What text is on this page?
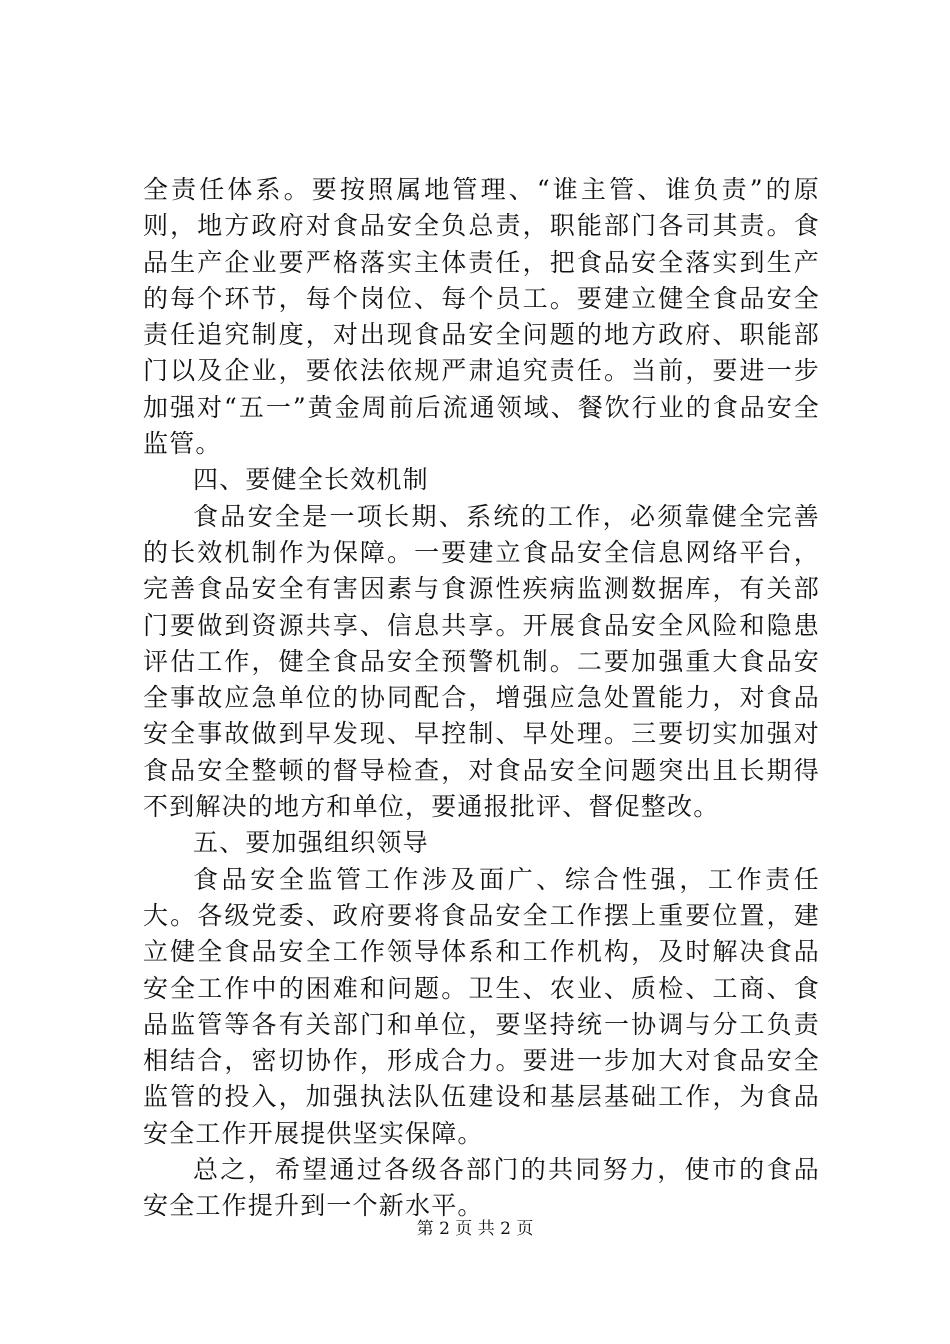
全责任体系。要按照属地管理、“谁主管、谁负责”的原则，地方政府对食品安全负总责，职能部门各司其责。食品生产企业要严格落实主体责任，把食品安全落实到生产的每个环节，每个岗位、每个员工。要建立健全食品安全责任追究制度，对出现食品安全问题的地方政府、职能部门以及企业，要依法依规严肃追究责任。当前，要进一步加强对“五一”黄金周前后流通领域、餐饮行业的食品安全监管。

四、要健全长效机制

食品安全是一项长期、系统的工作，必须靠健全完善的长效机制作为保障。一要建立食品安全信息网络平台，完善食品安全有害因素与食源性疾病监测数据库，有关部门要做到资源共享、信息共享。开展食品安全风险和隐患评估工作，健全食品安全预警机制。二要加强重大食品安全事故应急单位的协同配合，增强应急处置能力，对食品安全事故做到早发现、早控制、早处理。三要切实加强对食品安全整顿的督导检查，对食品安全问题突出且长期得不到解决的地方和单位，要通报批评、督促整改。

五、要加强组织领导

食品安全监管工作涉及面广、综合性强，工作责任大。各级党委、政府要将食品安全工作摆上重要位置，建立健全食品安全工作领导体系和工作机构，及时解决食品安全工作中的困难和问题。卫生、农业、质检、工商、食品监管等各有关部门和单位，要坚持统一协调与分工负责相结合，密切协作，形成合力。要进一步加大对食品安全监管的投入，加强执法队伍建设和基层基础工作，为食品安全工作开展提供坚实保障。

总之，希望通过各级各部门的共同努力，使市的食品安全工作提升到一个新水平。

第 2 页 共 2 页
